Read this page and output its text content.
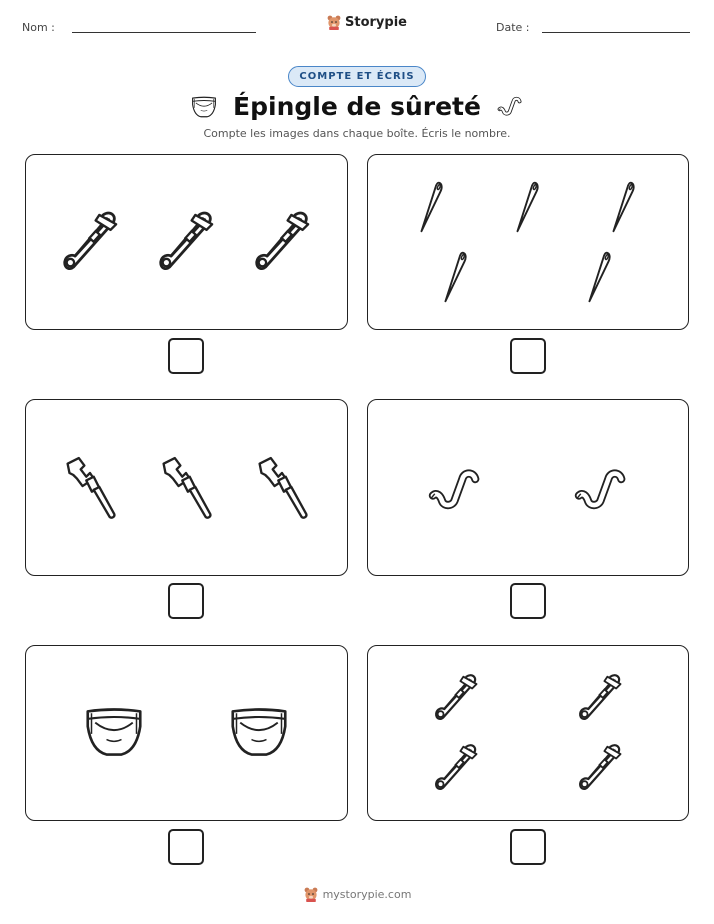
Nom :	Storypie	Date :
COMPTE ET ÉCRIS
Épingle de sûreté
Compte les images dans chaque boîte. Écris le nombre.
mystorypie.com
